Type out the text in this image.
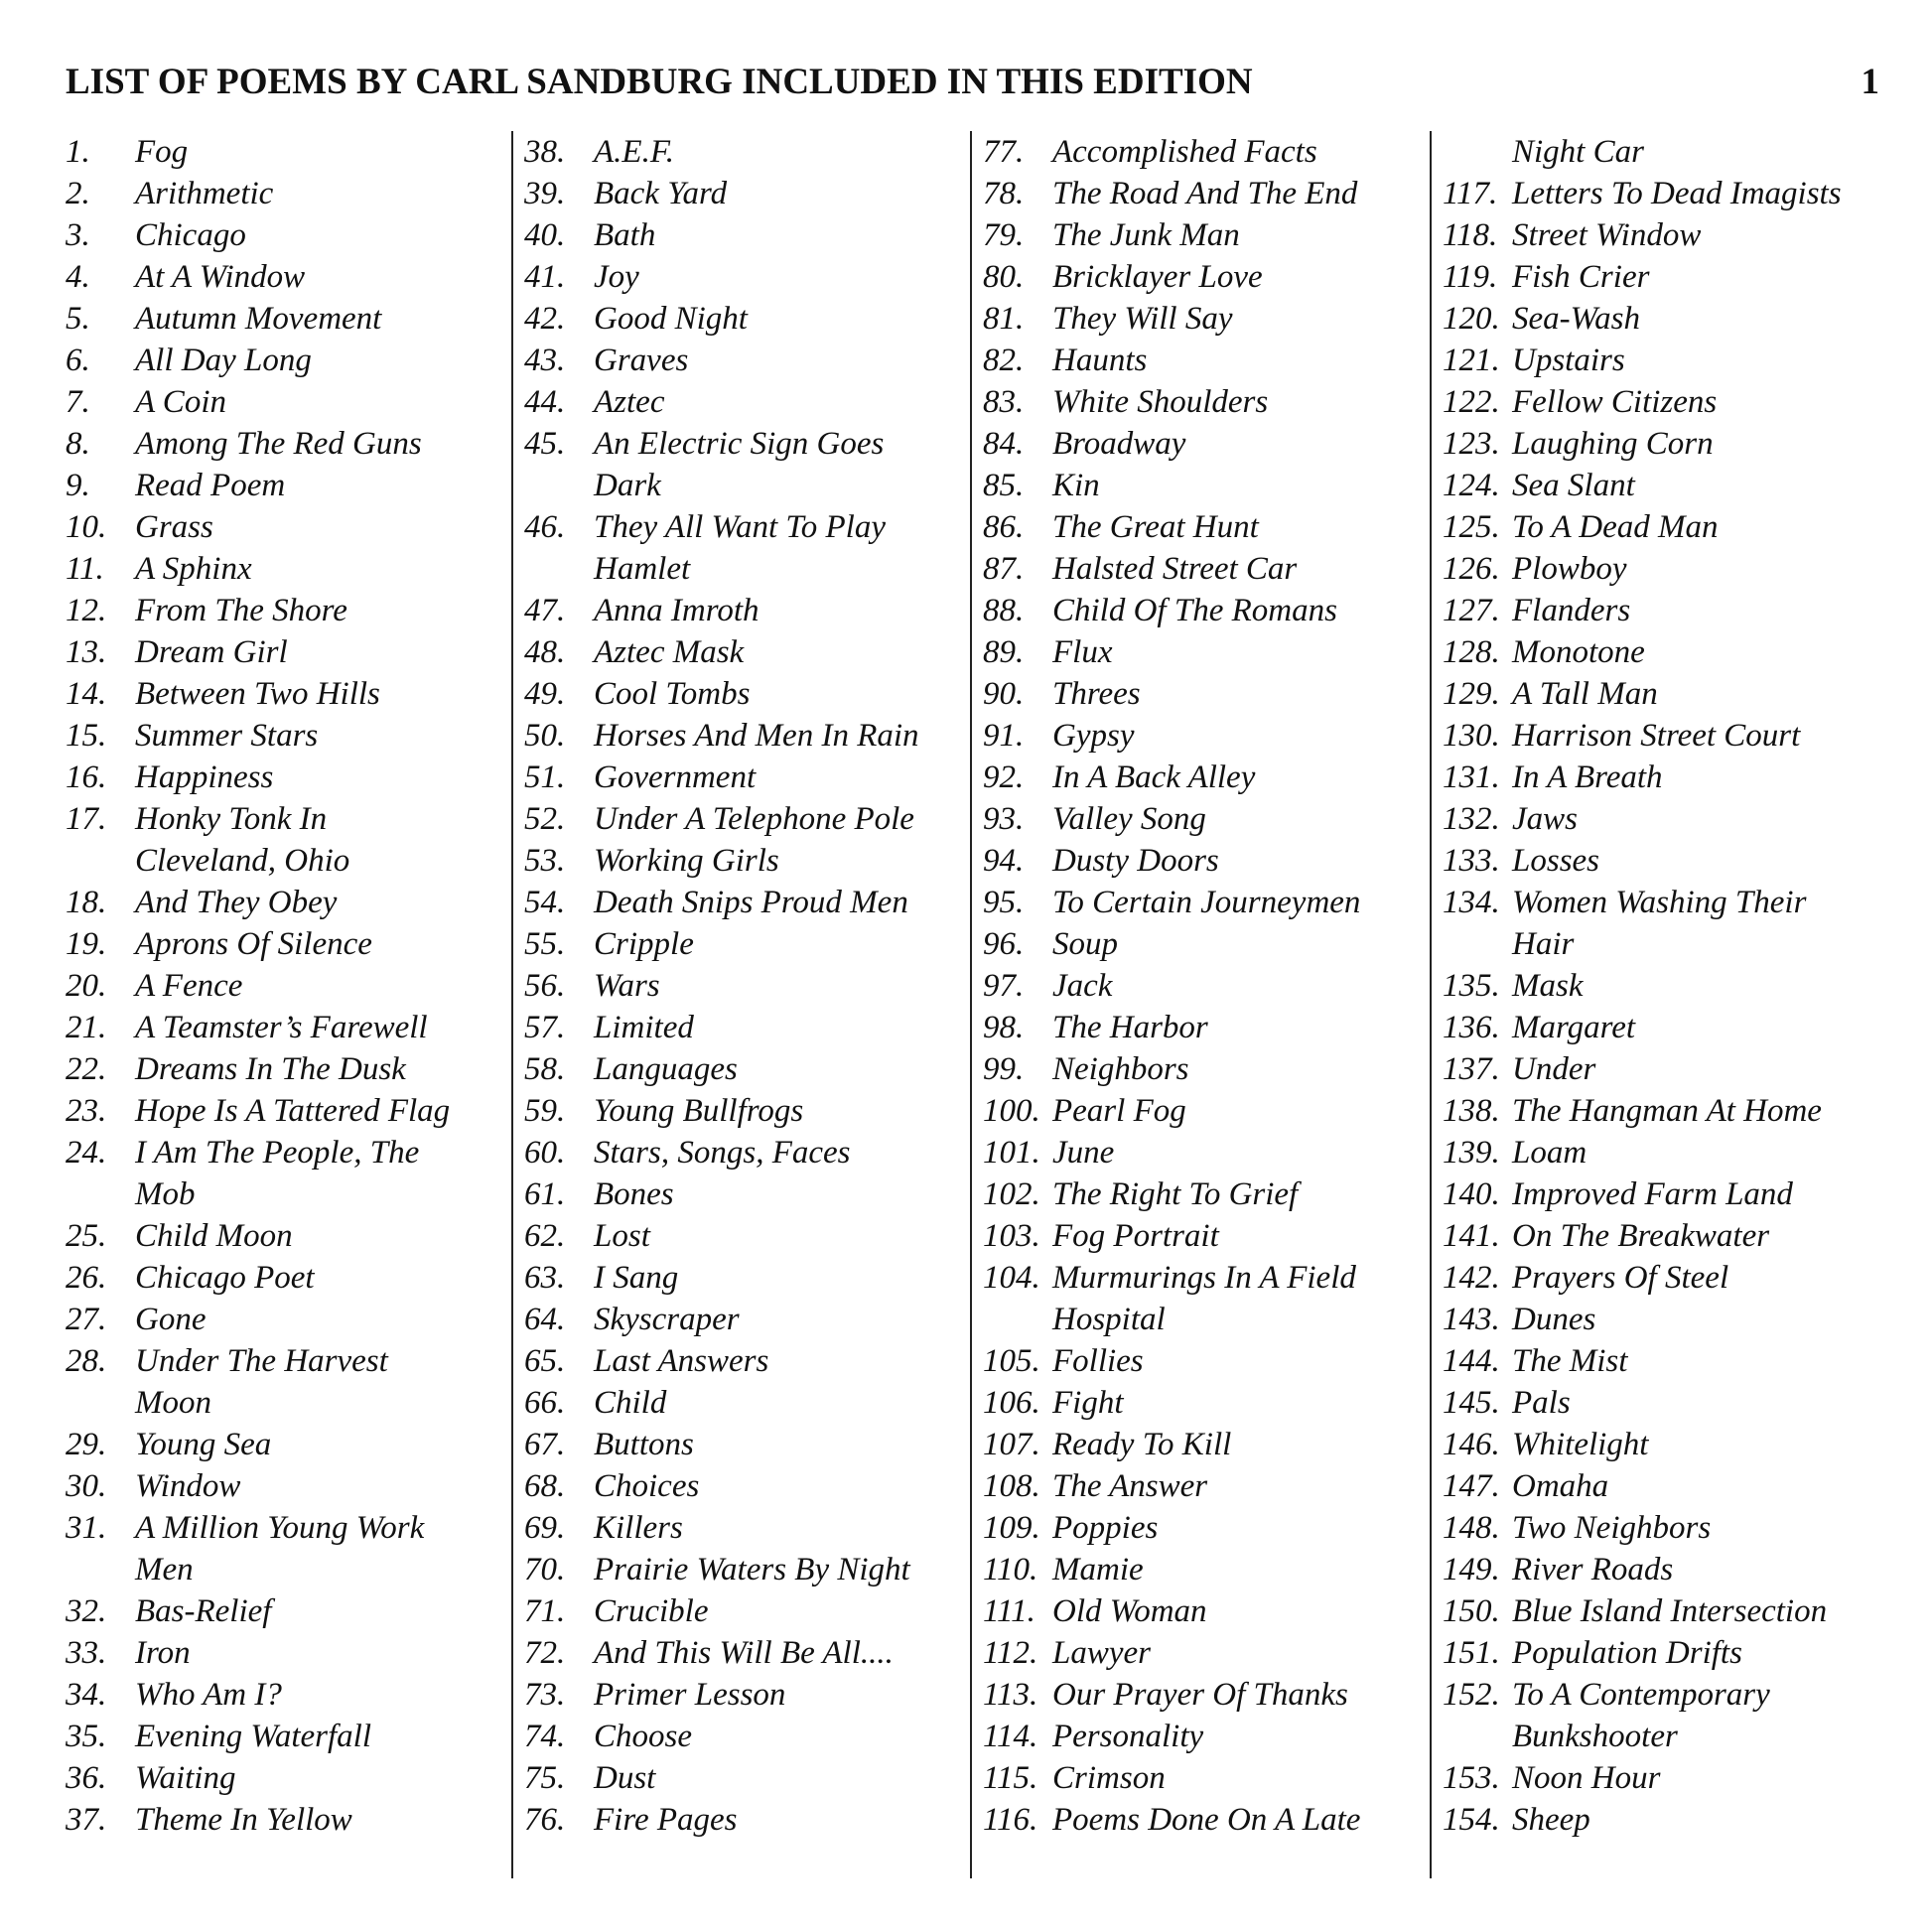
LIST OF POEMS BY CARL SANDBURG INCLUDED IN THIS EDITION	1
1.	Fog
2.	Arithmetic
3.	Chicago
4.	At A Window
5.	Autumn Movement
6.	All Day Long
7.	A Coin
8.	Among The Red Guns
9.	Read Poem
10. Grass
11. A Sphinx
12. From The Shore
13. Dream Girl
14. Between Two Hills
15. Summer Stars
16. Happiness
17. Honky Tonk In
Cleveland, Ohio
18. And They Obey
19. Aprons Of Silence
20. A Fence
21. A Teamster’s Farewell
22. Dreams In The Dusk
23. Hope Is A Tattered Flag
24. I Am The People, The
Mob
25. Child Moon
26. Chicago Poet
27. Gone
28. Under The Harvest
Moon
29. Young Sea
30. Window
31. A Million Young Work
Men
32. Bas-Relief
33. Iron
34. Who Am I?
35. Evening Waterfall
36. Waiting
37. Theme In Yellow
38. A.E.F.
39. Back Yard
40. Bath
41. Joy
42. Good Night
43. Graves
44. Aztec
45. An Electric Sign Goes
Dark
46. They All Want To Play
Hamlet
47. Anna Imroth
48. Aztec Mask
49. Cool Tombs
50. Horses And Men In Rain
51. Government
52. Under A Telephone Pole
53. Working Girls
54. Death Snips Proud Men
55. Cripple
56. Wars
57. Limited
58. Languages
59. Young Bullfrogs
60. Stars, Songs, Faces
61. Bones
62. Lost
63. I Sang
64. Skyscraper
65. Last Answers
66. Child
67. Buttons
68. Choices
69. Killers
70. Prairie Waters By Night
71. Crucible
72. And This Will Be All....
73. Primer Lesson
74. Choose
75. Dust
76. Fire Pages
77. Accomplished Facts
78. The Road And The End
79. The Junk Man
80. Bricklayer Love
81. They Will Say
82. Haunts
83. White Shoulders
84. Broadway
85. Kin
86. The Great Hunt
87. Halsted Street Car
88. Child Of The Romans
89. Flux
90. Threes
91. Gypsy
92. In A Back Alley
93. Valley Song
94. Dusty Doors
95. To Certain Journeymen
96. Soup
97. Jack
98. The Harbor
99. Neighbors
100. Pearl Fog
101. June
102. The Right To Grief
103. Fog Portrait
104. Murmurings In A Field
Hospital
105. Follies
106. Fight
107. Ready To Kill
108. The Answer
109. Poppies
110. Mamie
111. Old Woman
112. Lawyer
113. Our Prayer Of Thanks
114. Personality
115. Crimson
116. Poems Done On A Late
Night Car
117. Letters To Dead Imagists
118. Street Window
119. Fish Crier
120. Sea-Wash
121. Upstairs
122. Fellow Citizens
123. Laughing Corn
124. Sea Slant
125. To A Dead Man
126. Plowboy
127. Flanders
128. Monotone
129. A Tall Man
130. Harrison Street Court
131. In A Breath
132. Jaws
133. Losses
134. Women Washing Their
Hair
135. Mask
136. Margaret
137. Under
138. The Hangman At Home
139. Loam
140. Improved Farm Land
141. On The Breakwater
142. Prayers Of Steel
143. Dunes
144. The Mist
145. Pals
146. Whitelight
147. Omaha
148. Two Neighbors
149. River Roads
150. Blue Island Intersection
151. Population Drifts
152. To A Contemporary
Bunkshooter
153. Noon Hour
154. Sheep
